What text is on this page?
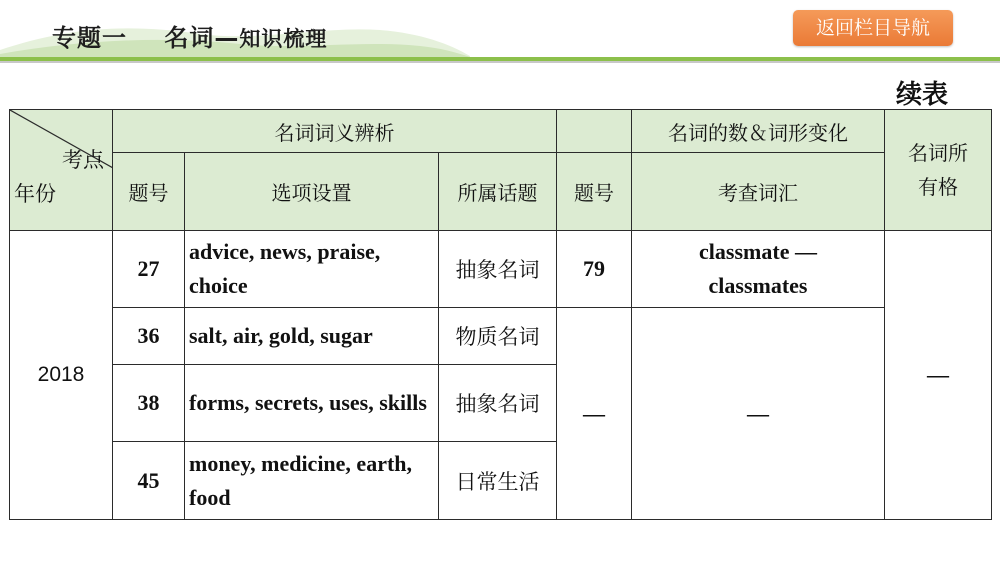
专题一 名词—知识梳理	返回栏目导航
续表
考点
年份	名词词义辨析				名词的数＆词形变化	名词所有格

	题号	选项设置	所属话题	题号	考查词汇	
2018	27	advice, news, praise, choice	抽象名词	79	classmate — classmates	—
	36	salt, air, gold, sugar	物质名词	—	—	
	38	forms, secrets, uses, skills	抽象名词			
	45	money, medicine, earth, food	日常生活			
